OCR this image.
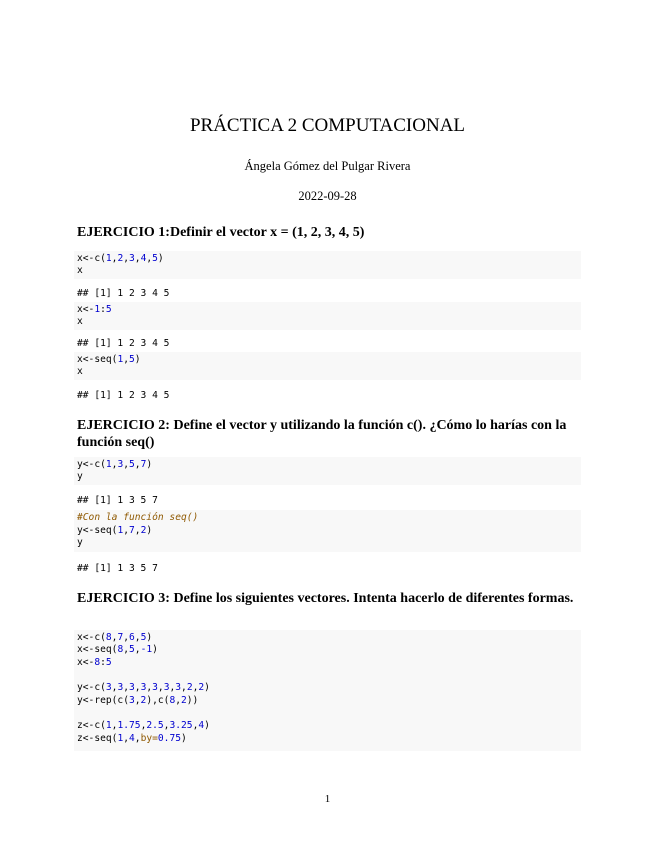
PRÁCTICA 2 COMPUTACIONAL
Ángela Gómez del Pulgar Rivera
2022-09-28
EJERCICIO 1:Definir el vector x = (1, 2, 3, 4, 5)
x<-c(1,2,3,4,5)
x
## [1] 1 2 3 4 5
x<-1:5
x
## [1] 1 2 3 4 5
x<-seq(1,5)
x
## [1] 1 2 3 4 5
EJERCICIO 2: Define el vector y utilizando la función c(). ¿Cómo lo harías con la función seq()
y<-c(1,3,5,7)
y
## [1] 1 3 5 7
#Con la función seq()
y<-seq(1,7,2)
y
## [1] 1 3 5 7
EJERCICIO 3: Define los siguientes vectores. Intenta hacerlo de diferentes formas.
x<-c(8,7,6,5)
x<-seq(8,5,-1)
x<-8:5
y<-c(3,3,3,3,3,3,3,2,2)
y<-rep(c(3,2),c(8,2))
z<-c(1,1.75,2.5,3.25,4)
z<-seq(1,4,by=0.75)
1
